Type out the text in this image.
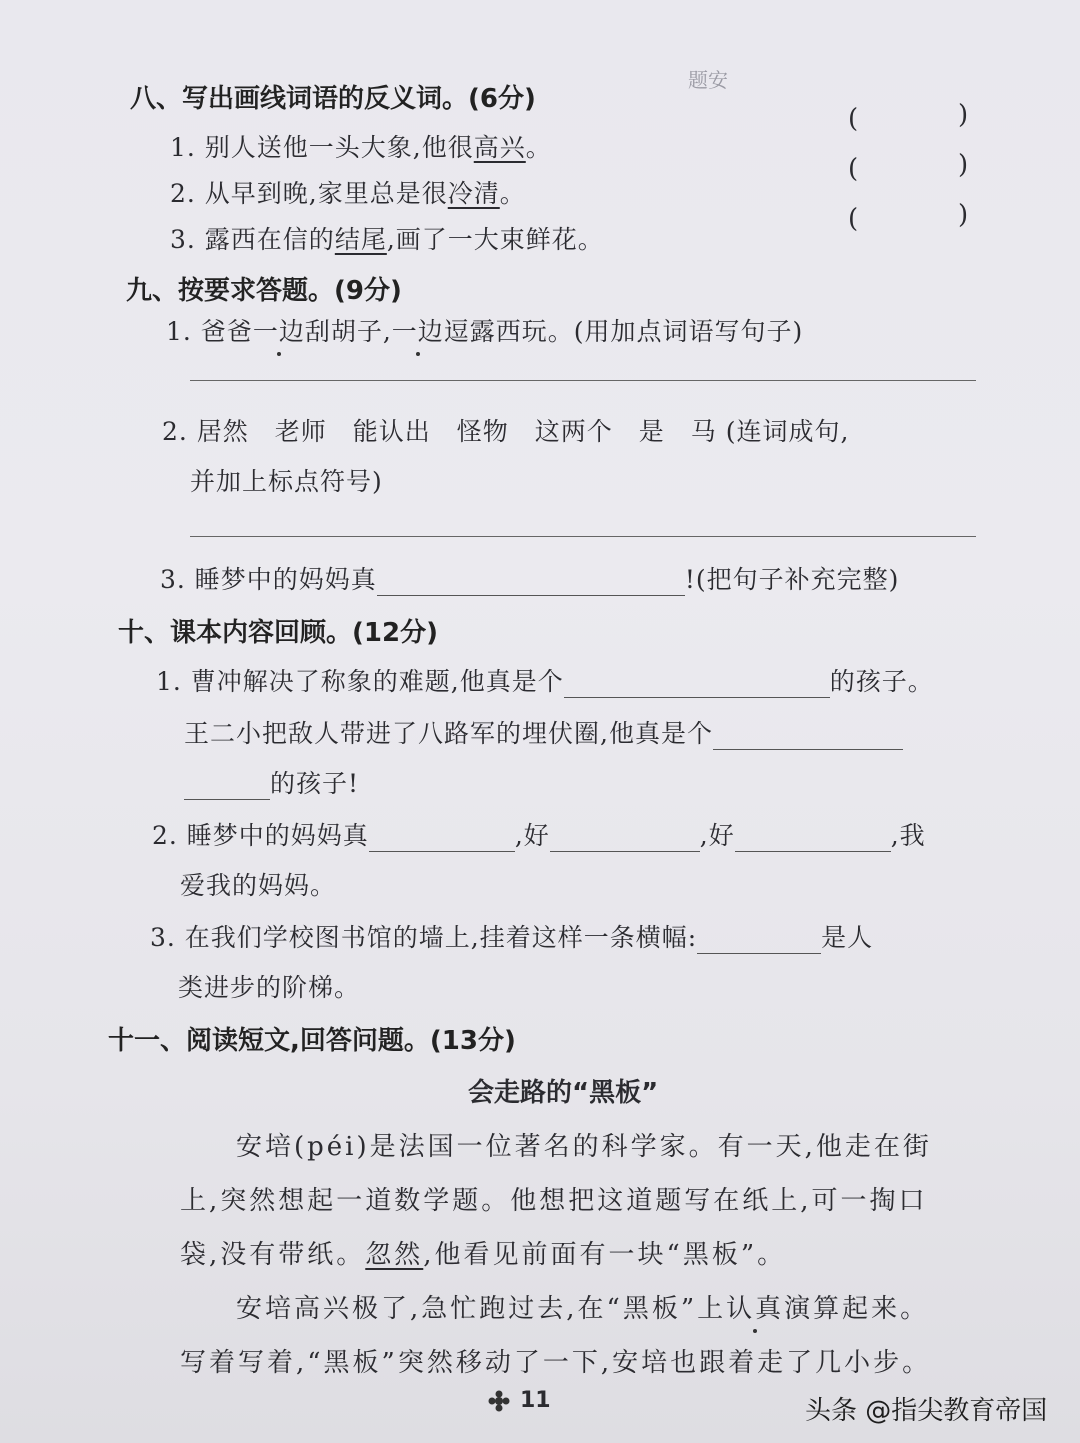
题安
八、写出画线词语的反义词。(6分)
1. 别人送他一头大象,他很高兴。
2. 从早到晚,家里总是很冷清。
3. 露西在信的结尾,画了一大束鲜花。
(	)
(	)
(	)
九、按要求答题。(9分)
1. 爸爸一边刮胡子,一边逗露西玩。(用加点词语写句子)
2. 居然　老师　能认出　怪物　这两个　是　马 (连词成句,
并加上标点符号)
3. 睡梦中的妈妈真	!(把句子补充完整)
十、课本内容回顾。(12分)
1. 曹冲解决了称象的难题,他真是个	的孩子。
王二小把敌人带进了八路军的埋伏圈,他真是个
的孩子!
2. 睡梦中的妈妈真	,好	,好	,我
爱我的妈妈。
3. 在我们学校图书馆的墙上,挂着这样一条横幅:	是人
类进步的阶梯。
十一、阅读短文,回答问题。(13分)
会走路的“黑板”
安培(péi)是法国一位著名的科学家。有一天,他走在街
上,突然想起一道数学题。他想把这道题写在纸上,可一掏口
袋,没有带纸。忽然,他看见前面有一块“黑板”。
安培高兴极了,急忙跑过去,在“黑板”上认真演算起来。
写着写着,“黑板”突然移动了一下,安培也跟着走了几小步。
11	头条 @指尖教育帝国
